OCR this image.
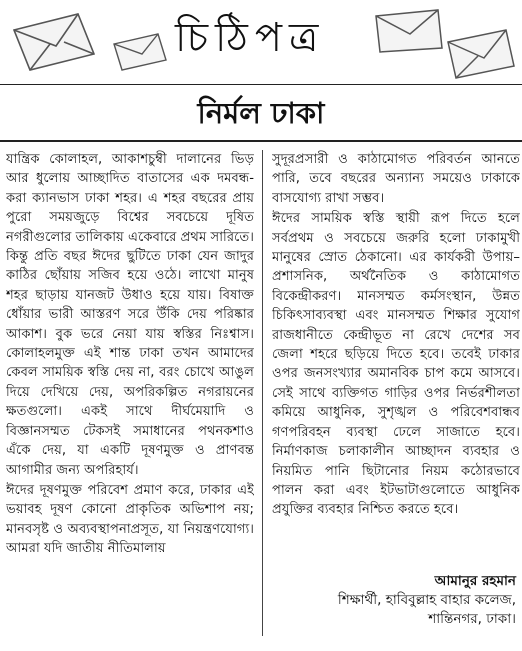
চিঠিপত্র
নির্মল ঢাকা

যান্ত্রিক কোলাহল, আকাশচুম্বী দালানের ভিড় আর ধুলোয় আচ্ছাদিত বাতাসের এক দমবন্ধ-করা ক্যানভাস ঢাকা শহর। এ শহর বছরের প্রায় পুরো সময়জুড়ে বিশ্বের সবচেয়ে দূষিত নগরীগুলোর তালিকায় একেবারে প্রথম সারিতে। কিন্তু প্রতি বছর ঈদের ছুটিতে ঢাকা যেন জাদুর কাঠির ছোঁয়ায় সজিব হয়ে ওঠে। লাখো মানুষ শহর ছাড়ায় যানজট উধাও হয়ে যায়। বিষাক্ত ধোঁয়ার ভারী আস্তরণ সরে উঁকি দেয় পরিষ্কার আকাশ। বুক ভরে নেয়া যায় স্বস্তির নিঃশ্বাস। কোলাহলমুক্ত এই শান্ত ঢাকা তখন আমাদের কেবল সাময়িক স্বস্তি দেয় না, বরং চোখে আঙুল দিয়ে দেখিয়ে দেয়, অপরিকল্পিত নগরায়নের ক্ষতগুলো। একই সাথে দীর্ঘমেয়াদি ও বিজ্ঞানসম্মত টেকসই সমাধানের পথনকশাও এঁকে দেয়, যা একটি দূষণমুক্ত ও প্রাণবন্ত আগামীর জন্য অপরিহার্য।

ঈদের দূষণমুক্ত পরিবেশ প্রমাণ করে, ঢাকার এই ভয়াবহ দূষণ কোনো প্রাকৃতিক অভিশাপ নয়; মানবসৃষ্ট ও অব্যবস্থাপনাপ্রসূত, যা নিয়ন্ত্রণযোগ্য। আমরা যদি জাতীয় নীতিমালায়

সুদূরপ্রসারী ও কাঠামোগত পরিবর্তন আনতে পারি, তবে বছরের অন্যান্য সময়েও ঢাকাকে বাসযোগ্য রাখা সম্ভব।

ঈদের সাময়িক স্বস্তি স্থায়ী রূপ দিতে হলে সর্বপ্রথম ও সবচেয়ে জরুরি হলো ঢাকামুখী মানুষের স্রোত ঠেকানো। এর কার্যকরী উপায়– প্রশাসনিক, অর্থনৈতিক ও কাঠামোগত বিকেন্দ্রীকরণ। মানসম্মত কর্মসংস্থান, উন্নত চিকিৎসাব্যবস্থা এবং মানসম্মত শিক্ষার সুযোগ রাজধানীতে কেন্দ্রীভূত না রেখে দেশের সব জেলা শহরে ছড়িয়ে দিতে হবে। তবেই ঢাকার ওপর জনসংখ্যার অমানবিক চাপ কমে আসবে। সেই সাথে ব্যক্তিগত গাড়ির ওপর নির্ভরশীলতা কমিয়ে আধুনিক, সুশৃঙ্খল ও পরিবেশবান্ধব গণপরিবহন ব্যবস্থা ঢেলে সাজাতে হবে। নির্মাণকাজ চলাকালীন আচ্ছাদন ব্যবহার ও নিয়মিত পানি ছিটানোর নিয়ম কঠোরভাবে পালন করা এবং ইটভাটাগুলোতে আধুনিক প্রযুক্তির ব্যবহার নিশ্চিত করতে হবে।

আমানুর রহমান
শিক্ষার্থী, হাবিবুল্লাহ বাহার কলেজ,
শান্তিনগর, ঢাকা।
